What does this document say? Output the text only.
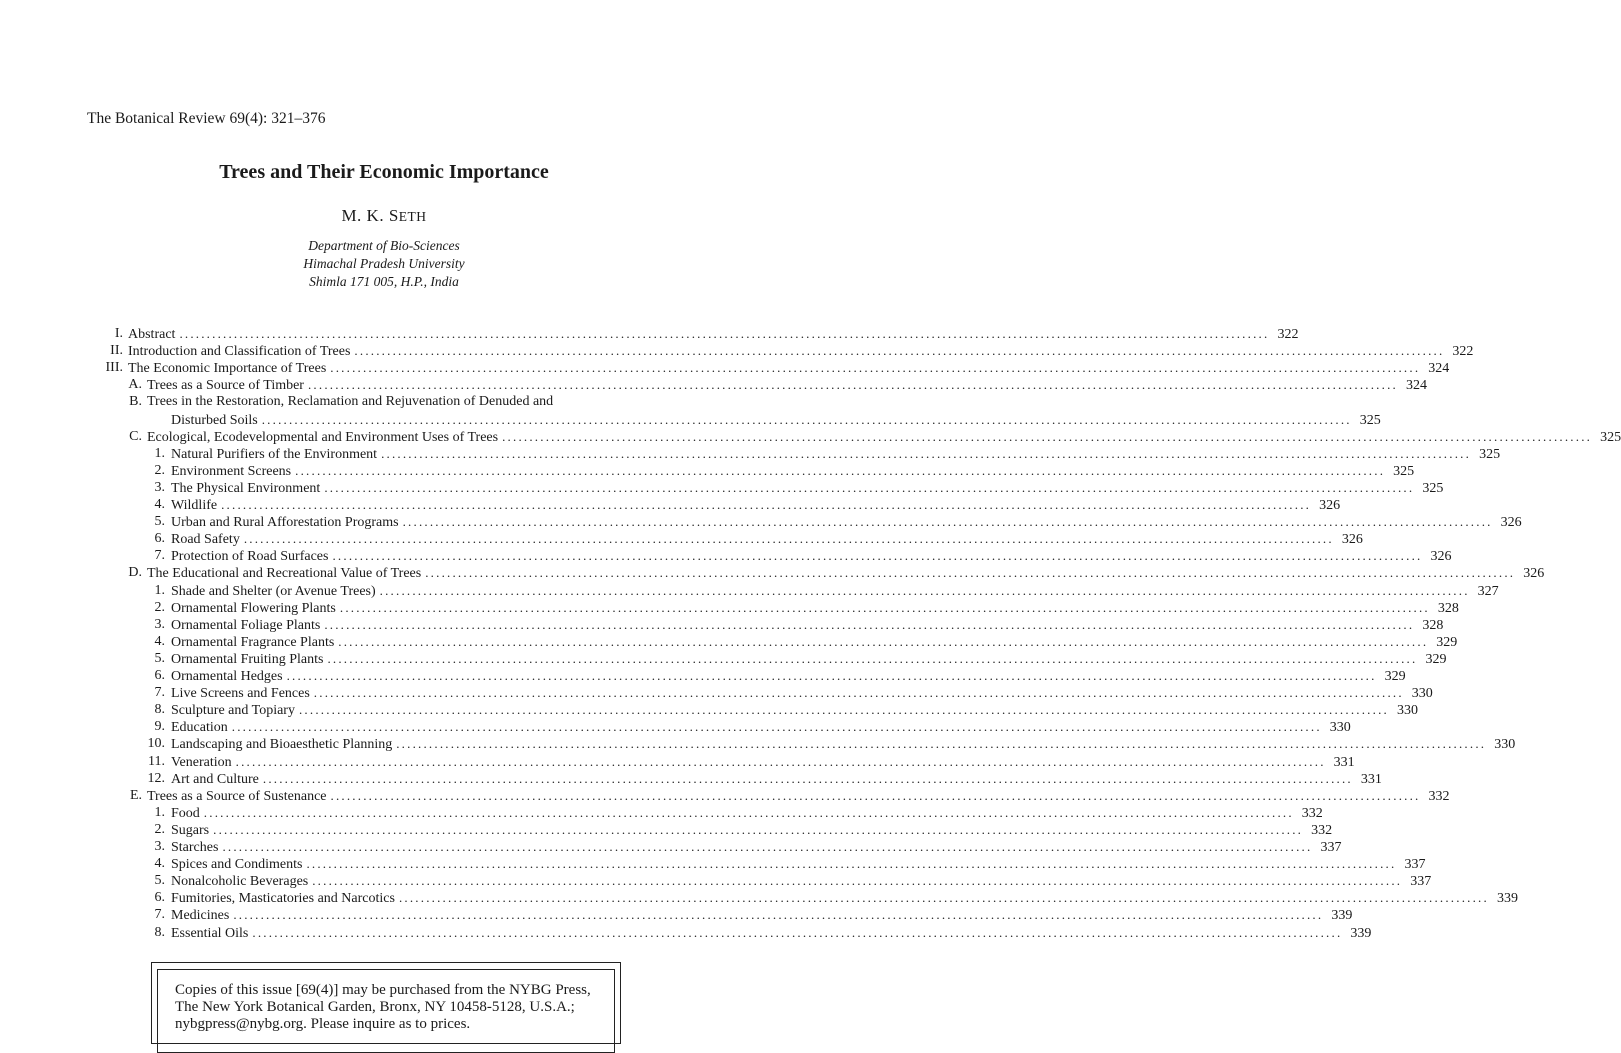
The Botanical Review 69(4): 321–376
Trees and Their Economic Importance
M. K. SETH
Department of Bio-Sciences
Himachal Pradesh University
Shimla 171 005, H.P., India
I. Abstract ........................................................................................................................................................................................................ 322
II. Introduction and Classification of Trees ........................................................................................................................................................................................................ 322
III. The Economic Importance of Trees ........................................................................................................................................................................................................ 324
A. Trees as a Source of Timber ........................................................................................................................................................................................................ 324
B. Trees in the Restoration, Reclamation and Rejuvenation of Denuded and
Disturbed Soils ........................................................................................................................................................................................................ 325
C. Ecological, Ecodevelopmental and Environment Uses of Trees ........................................................................................................................................................................................................ 325
1. Natural Purifiers of the Environment ........................................................................................................................................................................................................ 325
2. Environment Screens ........................................................................................................................................................................................................ 325
3. The Physical Environment ........................................................................................................................................................................................................ 325
4. Wildlife ........................................................................................................................................................................................................ 326
5. Urban and Rural Afforestation Programs ........................................................................................................................................................................................................ 326
6. Road Safety ........................................................................................................................................................................................................ 326
7. Protection of Road Surfaces ........................................................................................................................................................................................................ 326
D. The Educational and Recreational Value of Trees ........................................................................................................................................................................................................ 326
1. Shade and Shelter (or Avenue Trees) ........................................................................................................................................................................................................ 327
2. Ornamental Flowering Plants ........................................................................................................................................................................................................ 328
3. Ornamental Foliage Plants ........................................................................................................................................................................................................ 328
4. Ornamental Fragrance Plants ........................................................................................................................................................................................................ 329
5. Ornamental Fruiting Plants ........................................................................................................................................................................................................ 329
6. Ornamental Hedges ........................................................................................................................................................................................................ 329
7. Live Screens and Fences ........................................................................................................................................................................................................ 330
8. Sculpture and Topiary ........................................................................................................................................................................................................ 330
9. Education ........................................................................................................................................................................................................ 330
10. Landscaping and Bioaesthetic Planning ........................................................................................................................................................................................................ 330
11. Veneration ........................................................................................................................................................................................................ 331
12. Art and Culture ........................................................................................................................................................................................................ 331
E. Trees as a Source of Sustenance ........................................................................................................................................................................................................ 332
1. Food ........................................................................................................................................................................................................ 332
2. Sugars ........................................................................................................................................................................................................ 332
3. Starches ........................................................................................................................................................................................................ 337
4. Spices and Condiments ........................................................................................................................................................................................................ 337
5. Nonalcoholic Beverages ........................................................................................................................................................................................................ 337
6. Fumitories, Masticatories and Narcotics ........................................................................................................................................................................................................ 339
7. Medicines ........................................................................................................................................................................................................ 339
8. Essential Oils ........................................................................................................................................................................................................ 339
Copies of this issue [69(4)] may be purchased from the NYBG Press,
The New York Botanical Garden, Bronx, NY 10458-5128, U.S.A.;
nybgpress@nybg.org. Please inquire as to prices.
